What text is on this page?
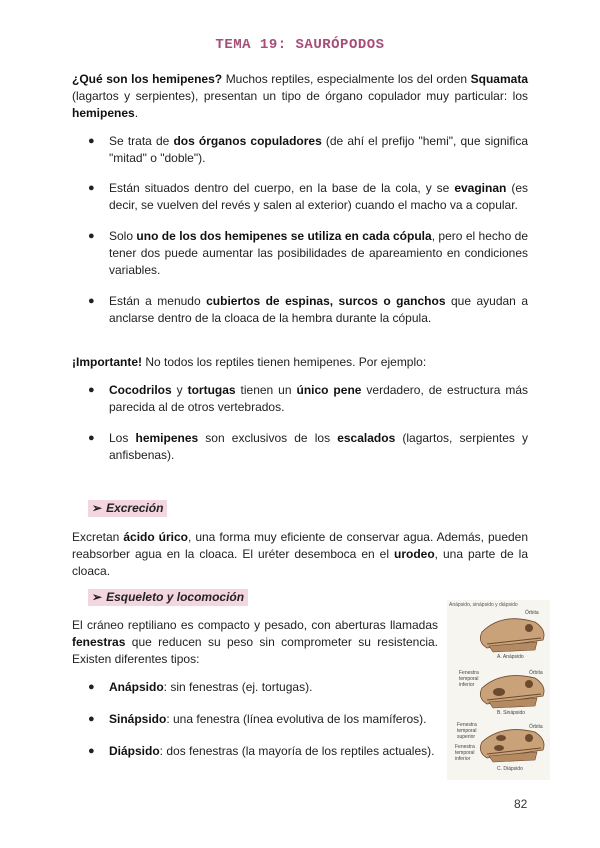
TEMA 19: SAURÓPODOS

¿Qué son los hemipenes? Muchos reptiles, especialmente los del orden Squamata (lagartos y serpientes), presentan un tipo de órgano copulador muy particular: los hemipenes.

● Se trata de dos órganos copuladores (de ahí el prefijo "hemi", que significa "mitad" o "doble").
● Están situados dentro del cuerpo, en la base de la cola, y se evaginan (es decir, se vuelven del revés y salen al exterior) cuando el macho va a copular.
● Solo uno de los dos hemipenes se utiliza en cada cópula, pero el hecho de tener dos puede aumentar las posibilidades de apareamiento en condiciones variables.
● Están a menudo cubiertos de espinas, surcos o ganchos que ayudan a anclarse dentro de la cloaca de la hembra durante la cópula.

¡Importante! No todos los reptiles tienen hemipenes. Por ejemplo:

● Cocodrilos y tortugas tienen un único pene verdadero, de estructura más parecida al de otros vertebrados.
● Los hemipenes son exclusivos de los escalados (lagartos, serpientes y anfisbenas).
➢ Excreción

Excretan ácido úrico, una forma muy eficiente de conservar agua. Además, pueden reabsorber agua en la cloaca. El uréter desemboca en el urodeo, una parte de la cloaca.

➢ Esqueleto y locomoción

El cráneo reptiliano es compacto y pesado, con aberturas llamadas fenestras que reducen su peso sin comprometer su resistencia. Existen diferentes tipos:

● Anápsido: sin fenestras (ej. tortugas).
● Sinápsido: una fenestra (línea evolutiva de los mamíferos).
● Diápsido: dos fenestras (la mayoría de los reptiles actuales).
Anápsido, sinápsido y diápsido
Órbita
A. Anápsido
Fenestra temporal inferior
Órbita
B. Sinápsido
Fenestra temporal superior
Órbita
Fenestra temporal inferior
C. Diápsido
82
